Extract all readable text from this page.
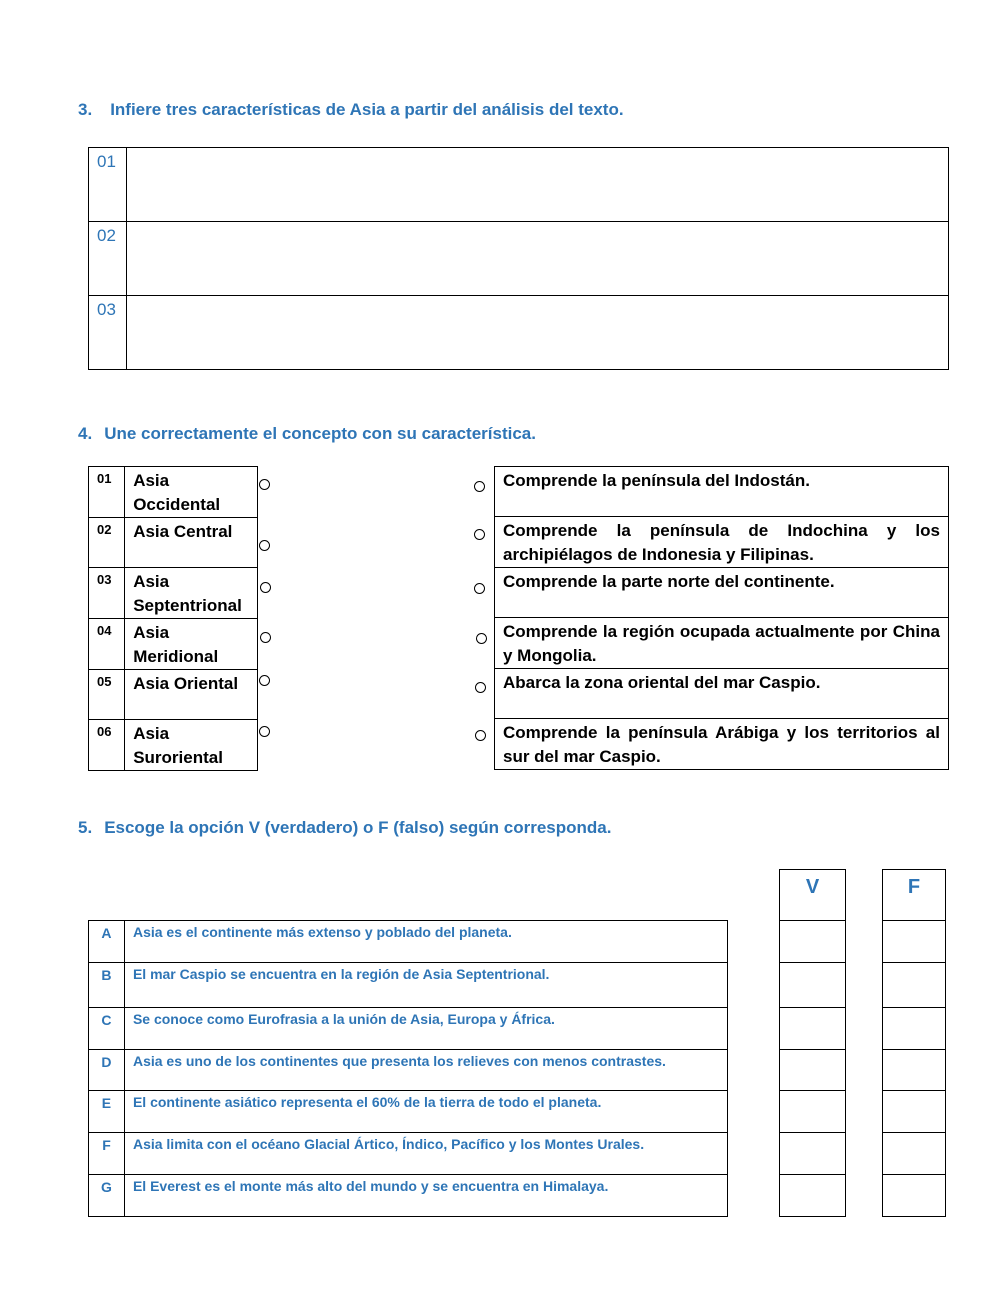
3. Infiere tres características de Asia a partir del análisis del texto.
01	
02	
03	
4. Une correctamente el concepto con su característica.
01	Asia Occidental
02	Asia Central
03	Asia Septentrional
04	Asia Meridional
05	Asia Oriental
06	Asia Suroriental
Comprende la península del Indostán.
Comprende la península de Indochina y los archipiélagos de Indonesia y Filipinas.
Comprende la parte norte del continente.
Comprende la región ocupada actualmente por China y Mongolia.
Abarca la zona oriental del mar Caspio.
Comprende la península Arábiga y los territorios al sur del mar Caspio.
5. Escoge la opción V (verdadero) o F (falso) según corresponda.
A	Asia es el continente más extenso y poblado del planeta.
B	El mar Caspio se encuentra en la región de Asia Septentrional.
C	Se conoce como Eurofrasia a la unión de Asia, Europa y África.
D	Asia es uno de los continentes que presenta los relieves con menos contrastes.
E	El continente asiático representa el 60% de la tierra de todo el planeta.
F	Asia limita con el océano Glacial Ártico, Índico, Pacífico y los Montes Urales.
G	El Everest es el monte más alto del mundo y se encuentra en Himalaya.
V	F
